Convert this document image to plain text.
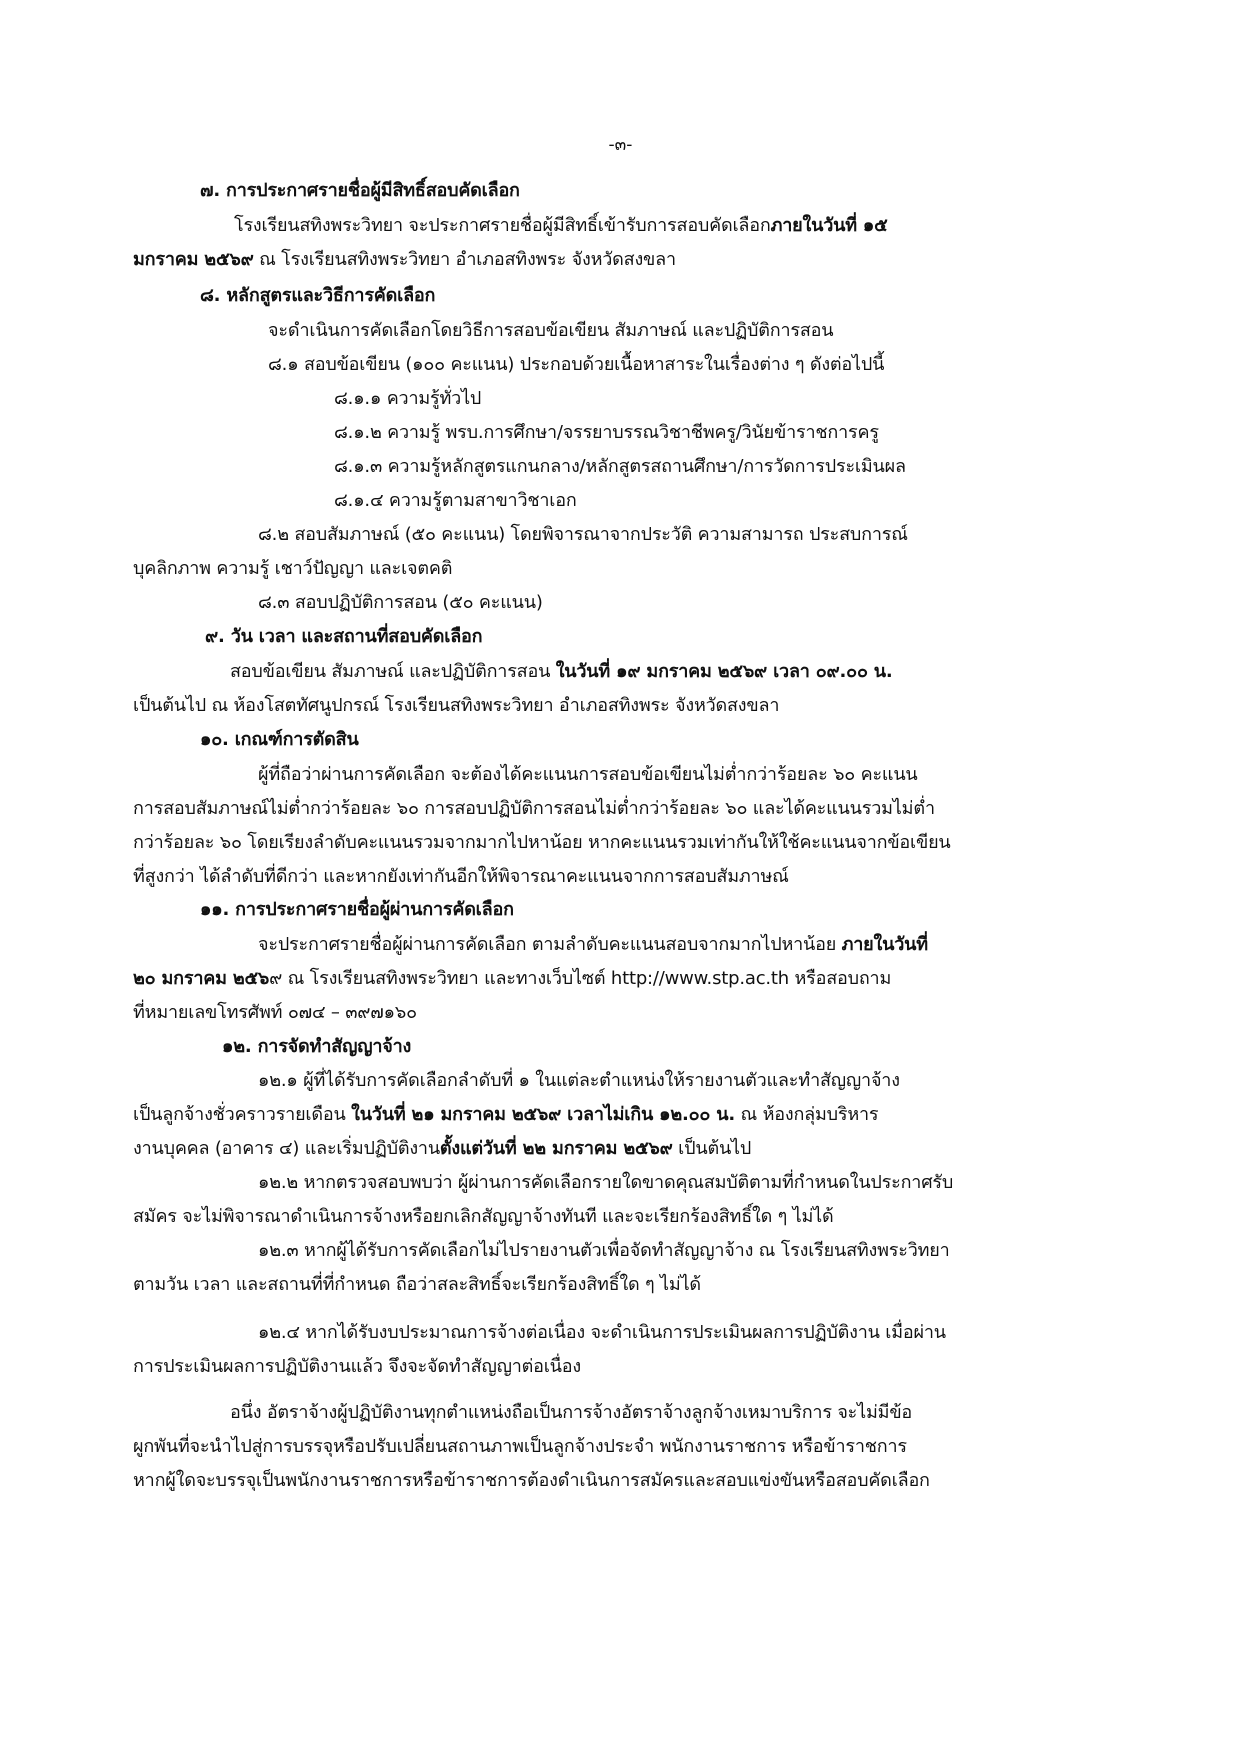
-๓-
๗. การประกาศรายชื่อผู้มีสิทธิ์สอบคัดเลือก
โรงเรียนสทิงพระวิทยา จะประกาศรายชื่อผู้มีสิทธิ์เข้ารับการสอบคัดเลือกภายในวันที่ ๑๕
มกราคม ๒๕๖๙ ณ โรงเรียนสทิงพระวิทยา อำเภอสทิงพระ จังหวัดสงขลา
๘. หลักสูตรและวิธีการคัดเลือก
จะดำเนินการคัดเลือกโดยวิธีการสอบข้อเขียน สัมภาษณ์ และปฏิบัติการสอน
๘.๑ สอบข้อเขียน (๑๐๐ คะแนน) ประกอบด้วยเนื้อหาสาระในเรื่องต่าง ๆ ดังต่อไปนี้
๘.๑.๑ ความรู้ทั่วไป
๘.๑.๒ ความรู้ พรบ.การศึกษา/จรรยาบรรณวิชาชีพครู/วินัยข้าราชการครู
๘.๑.๓ ความรู้หลักสูตรแกนกลาง/หลักสูตรสถานศึกษา/การวัดการประเมินผล
๘.๑.๔ ความรู้ตามสาขาวิชาเอก
๘.๒ สอบสัมภาษณ์ (๕๐ คะแนน) โดยพิจารณาจากประวัติ ความสามารถ ประสบการณ์
บุคลิกภาพ ความรู้ เชาว์ปัญญา และเจตคติ
๘.๓ สอบปฏิบัติการสอน (๕๐ คะแนน)
๙. วัน เวลา และสถานที่สอบคัดเลือก
สอบข้อเขียน สัมภาษณ์ และปฏิบัติการสอน ในวันที่ ๑๙ มกราคม ๒๕๖๙ เวลา ๐๙.๐๐ น.
เป็นต้นไป ณ ห้องโสตทัศนูปกรณ์ โรงเรียนสทิงพระวิทยา อำเภอสทิงพระ จังหวัดสงขลา
๑๐. เกณฑ์การตัดสิน
ผู้ที่ถือว่าผ่านการคัดเลือก จะต้องได้คะแนนการสอบข้อเขียนไม่ต่ำกว่าร้อยละ ๖๐ คะแนน
การสอบสัมภาษณ์ไม่ต่ำกว่าร้อยละ ๖๐ การสอบปฏิบัติการสอนไม่ต่ำกว่าร้อยละ ๖๐ และได้คะแนนรวมไม่ต่ำ
กว่าร้อยละ ๖๐ โดยเรียงลำดับคะแนนรวมจากมากไปหาน้อย หากคะแนนรวมเท่ากันให้ใช้คะแนนจากข้อเขียน
ที่สูงกว่า ได้ลำดับที่ดีกว่า และหากยังเท่ากันอีกให้พิจารณาคะแนนจากการสอบสัมภาษณ์
๑๑. การประกาศรายชื่อผู้ผ่านการคัดเลือก
จะประกาศรายชื่อผู้ผ่านการคัดเลือก ตามลำดับคะแนนสอบจากมากไปหาน้อย ภายในวันที่
๒๐ มกราคม ๒๕๖๙ ณ โรงเรียนสทิงพระวิทยา และทางเว็บไซต์ http://www.stp.ac.th หรือสอบถาม
ที่หมายเลขโทรศัพท์ ๐๗๔ – ๓๙๗๑๖๐
๑๒. การจัดทำสัญญาจ้าง
๑๒.๑ ผู้ที่ได้รับการคัดเลือกลำดับที่ ๑ ในแต่ละตำแหน่งให้รายงานตัวและทำสัญญาจ้าง
เป็นลูกจ้างชั่วคราวรายเดือน ในวันที่ ๒๑ มกราคม ๒๕๖๙ เวลาไม่เกิน ๑๒.๐๐ น. ณ ห้องกลุ่มบริหาร
งานบุคคล (อาคาร ๔) และเริ่มปฏิบัติงานตั้งแต่วันที่ ๒๒ มกราคม ๒๕๖๙ เป็นต้นไป
๑๒.๒ หากตรวจสอบพบว่า ผู้ผ่านการคัดเลือกรายใดขาดคุณสมบัติตามที่กำหนดในประกาศรับ
สมัคร จะไม่พิจารณาดำเนินการจ้างหรือยกเลิกสัญญาจ้างทันที และจะเรียกร้องสิทธิ์ใด ๆ ไม่ได้
๑๒.๓ หากผู้ได้รับการคัดเลือกไม่ไปรายงานตัวเพื่อจัดทำสัญญาจ้าง ณ โรงเรียนสทิงพระวิทยา
ตามวัน เวลา และสถานที่ที่กำหนด ถือว่าสละสิทธิ์จะเรียกร้องสิทธิ์ใด ๆ ไม่ได้
๑๒.๔ หากได้รับงบประมาณการจ้างต่อเนื่อง จะดำเนินการประเมินผลการปฏิบัติงาน เมื่อผ่าน
การประเมินผลการปฏิบัติงานแล้ว จึงจะจัดทำสัญญาต่อเนื่อง
อนึ่ง อัตราจ้างผู้ปฏิบัติงานทุกตำแหน่งถือเป็นการจ้างอัตราจ้างลูกจ้างเหมาบริการ จะไม่มีข้อ
ผูกพันที่จะนำไปสู่การบรรจุหรือปรับเปลี่ยนสถานภาพเป็นลูกจ้างประจำ พนักงานราชการ หรือข้าราชการ
หากผู้ใดจะบรรจุเป็นพนักงานราชการหรือข้าราชการต้องดำเนินการสมัครและสอบแข่งขันหรือสอบคัดเลือก
